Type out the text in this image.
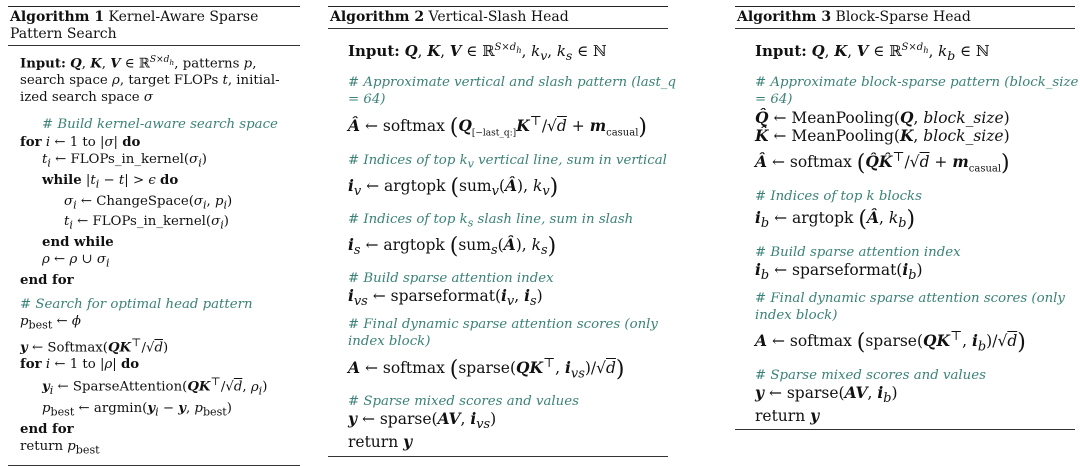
Algorithm 1 Kernel-Aware Sparse Pattern Search
Input: Q, K, V ∈ ℝ$^{S\times d_h}$, patterns p,
search space ρ, target FLOPs t, initial-
ized search space σ
# Build kernel-aware search space
for i ← 1 to |σ| do
$t_i$ ← $FLOPs\_in\_kernel(\sigma_i)$
while $|t_i - t| > \epsilon$ do
$\sigma_i$ ← $ChangeSpace(\sigma_i$, $p_i$)
$t_i$ ← $FLOPs\_in\_kernel(\sigma_i)$
end while
ρ ← ρ ∪ $\sigma_i$
end for
# Search for optimal head pattern
$p_{best}$ ← ϕ
y ← Softmax(QK⊤/√d)
for i ← 1 to |ρ| do
$y_i$ ← SparseAttention(QK⊤/√d, $\rho_i$)
$p_{best}$ ← $argmin(y_i - y$, $p_{best}$)
end for
return $p_{best}$
Algorithm 2 Vertical-Slash Head
Input: Q, K, V ∈ ℝ$^{S\times d_h}$, $k_v$, $k_s$ ∈ ℕ
# Approximate vertical and slash pattern (last_q
= 64)
Â ← softmax $(Q_{[-last\_q:]}K^⊤/√d + m_{casual})$
# Indices of top $k_v$ vertical line, sum in vertical
$i_v$ ← argtopk (sum$_v$(Â), $k_v$)
# Indices of top $k_s$ slash line, sum in slash
$i_s$ ← argtopk (sum$_s$(Â), $k_s$)
# Build sparse attention index
$i_{vs}$ ← $sparseformat(i_v$, $i_s$)
# Final dynamic sparse attention scores (only
index block)
A ← softmax (sparse(QK⊤, $i_{vs})/√d$)
# Sparse mixed scores and values
y ← sparse(AV, $i_{vs}$)
return y
Algorithm 3 Block-Sparse Head
Input: Q, K, V ∈ ℝ$^{S\times d_h}$, $k_b$ ∈ ℕ
# Approximate block-sparse pattern (block_size
= 64)
Q̂ ← MeanPooling(Q, block_size)
K̂ ← MeanPooling(K, block_size)
Â ← softmax (Q̂K̂⊤/√d + $m_{casual}$)
# Indices of top k blocks
$i_b$ ← argtopk (Â, $k_b$)
# Build sparse attention index
$i_b$ ← $sparseformat(i_b)$
# Final dynamic sparse attention scores (only
index block)
A ← softmax (sparse(QK⊤, $i_b)/√d$)
# Sparse mixed scores and values
y ← sparse(AV, $i_b$)
return y
